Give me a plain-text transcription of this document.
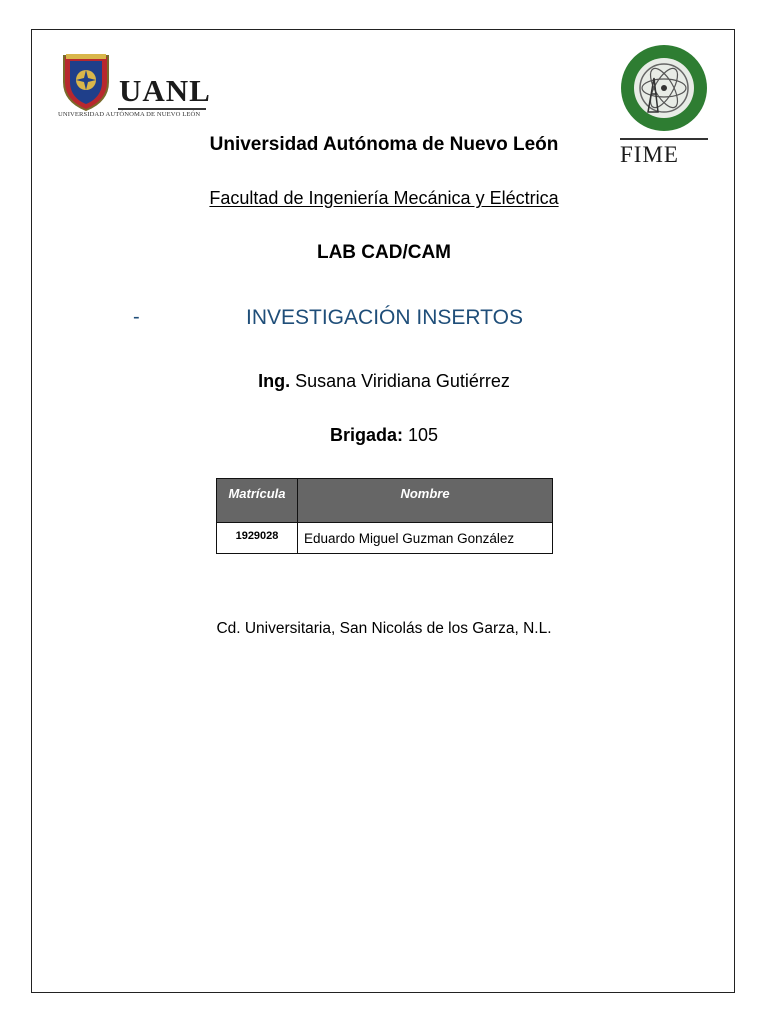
UANL
UNIVERSIDAD AUTÓNOMA DE NUEVO LEÓN
FIME
Universidad Autónoma de Nuevo León
Facultad de Ingeniería Mecánica y Eléctrica
LAB CAD/CAM
-	INVESTIGACIÓN INSERTOS
Ing. Susana Viridiana Gutiérrez
Brigada: 105
Matrícula	Nombre
1929028	Eduardo Miguel Guzman González
Cd. Universitaria, San Nicolás de los Garza, N.L.
